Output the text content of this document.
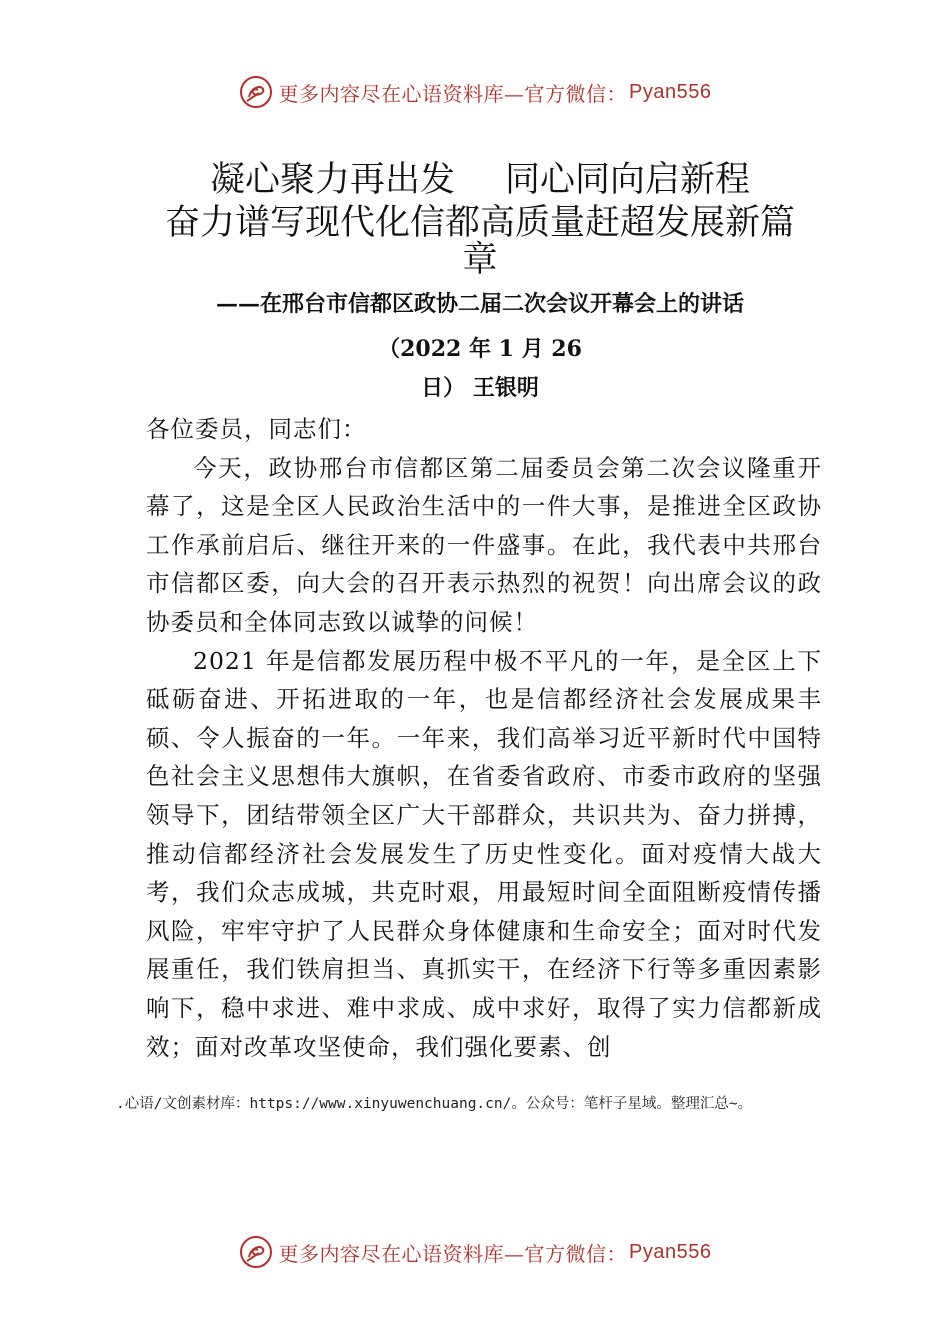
更多内容尽在心语资料库—官方微信： Pyan556
凝心聚力再出发 同心同向启新程
奋力谱写现代化信都高质量赶超发展新篇
章
——在邢台市信都区政协二届二次会议开幕会上的讲话
（2022 年 1 月 26
日） 王银明

各位委员，同志们：

今天，政协邢台市信都区第二届委员会第二次会议隆重开幕了，这是全区人民政治生活中的一件大事，是推进全区政协工作承前启后、继往开来的一件盛事。在此，我代表中共邢台市信都区委，向大会的召开表示热烈的祝贺！向出席会议的政协委员和全体同志致以诚挚的问候！

2021 年是信都发展历程中极不平凡的一年，是全区上下砥砺奋进、开拓进取的一年，也是信都经济社会发展成果丰硕、令人振奋的一年。一年来，我们高举习近平新时代中国特色社会主义思想伟大旗帜，在省委省政府、市委市政府的坚强领导下，团结带领全区广大干部群众，共识共为、奋力拼搏，推动信都经济社会发展发生了历史性变化。面对疫情大战大考，我们众志成城，共克时艰，用最短时间全面阻断疫情传播风险，牢牢守护了人民群众身体健康和生命安全；面对时代发展重任，我们铁肩担当、真抓实干，在经济下行等多重因素影响下，稳中求进、难中求成、成中求好，取得了实力信都新成效；面对改革攻坚使命，我们强化要素、创

.心语/文创素材库：https://www.xinyuwenchuang.cn/。公众号：笔杆子星域。整理汇总~。
更多内容尽在心语资料库—官方微信： Pyan556
